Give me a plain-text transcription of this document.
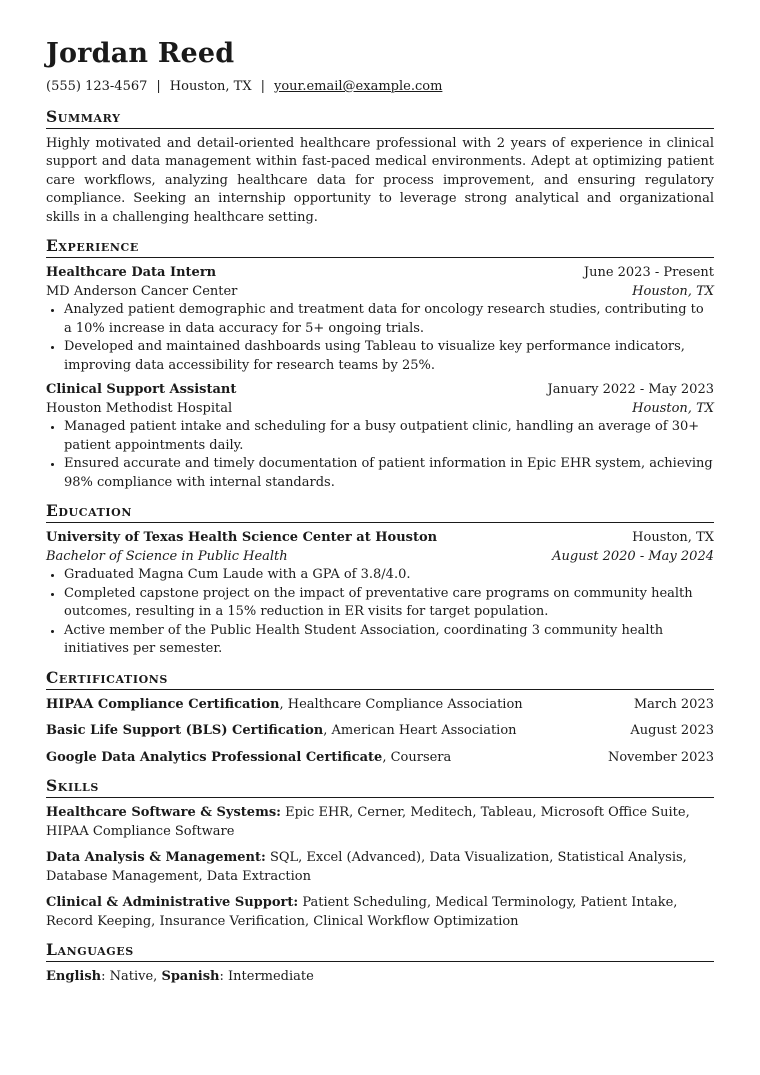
Jordan Reed
(555) 123-4567 | Houston, TX | your.email@example.com
Summary
Highly motivated and detail-oriented healthcare professional with 2 years of experience in clinical support and data management within fast-paced medical environments. Adept at optimizing patient care workflows, analyzing healthcare data for process improvement, and ensuring regulatory compliance. Seeking an internship opportunity to leverage strong analytical and organizational skills in a challenging healthcare setting.
Experience
Healthcare Data Intern	June 2023 - Present
MD Anderson Cancer Center	Houston, TX
• Analyzed patient demographic and treatment data for oncology research studies, contributing to a 10% increase in data accuracy for 5+ ongoing trials.
• Developed and maintained dashboards using Tableau to visualize key performance indicators, improving data accessibility for research teams by 25%.
Clinical Support Assistant	January 2022 - May 2023
Houston Methodist Hospital	Houston, TX
• Managed patient intake and scheduling for a busy outpatient clinic, handling an average of 30+ patient appointments daily.
• Ensured accurate and timely documentation of patient information in Epic EHR system, achieving 98% compliance with internal standards.
Education
University of Texas Health Science Center at Houston	Houston, TX
Bachelor of Science in Public Health	August 2020 - May 2024
• Graduated Magna Cum Laude with a GPA of 3.8/4.0.
• Completed capstone project on the impact of preventative care programs on community health outcomes, resulting in a 15% reduction in ER visits for target population.
• Active member of the Public Health Student Association, coordinating 3 community health initiatives per semester.
Certifications
HIPAA Compliance Certification, Healthcare Compliance Association	March 2023
Basic Life Support (BLS) Certification, American Heart Association	August 2023
Google Data Analytics Professional Certificate, Coursera	November 2023
Skills
Healthcare Software & Systems: Epic EHR, Cerner, Meditech, Tableau, Microsoft Office Suite, HIPAA Compliance Software
Data Analysis & Management: SQL, Excel (Advanced), Data Visualization, Statistical Analysis, Database Management, Data Extraction
Clinical & Administrative Support: Patient Scheduling, Medical Terminology, Patient Intake, Record Keeping, Insurance Verification, Clinical Workflow Optimization
Languages
English: Native, Spanish: Intermediate
